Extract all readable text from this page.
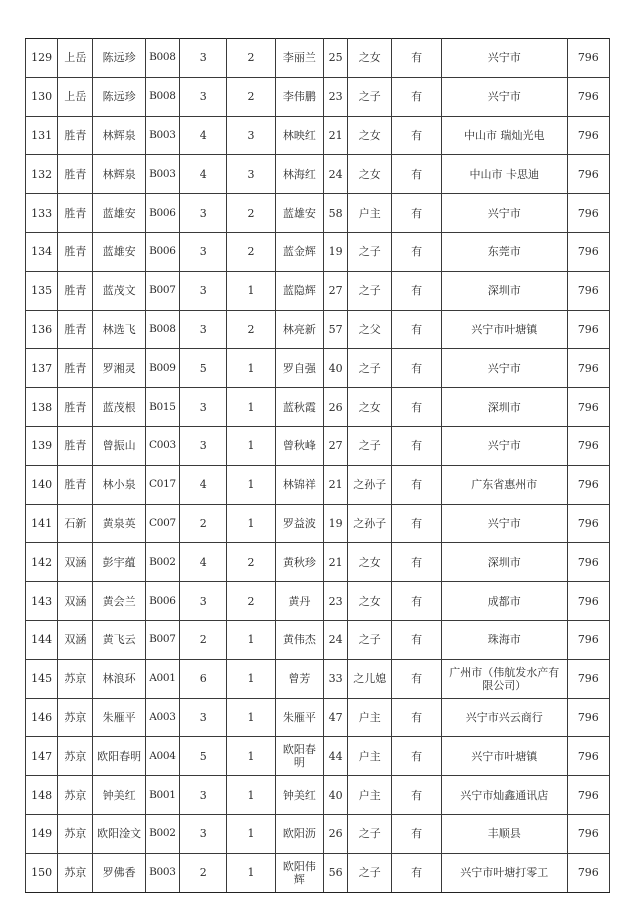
129	上岳	陈远珍	B008	3	2	李丽兰	25	之女	有	兴宁市	796
130	上岳	陈远珍	B008	3	2	李伟鹏	23	之子	有	兴宁市	796
131	胜青	林辉泉	B003	4	3	林映红	21	之女	有	中山市 瑞灿光电	796
132	胜青	林辉泉	B003	4	3	林海红	24	之女	有	中山市 卡思迪	796
133	胜青	蓝雄安	B006	3	2	蓝雄安	58	户主	有	兴宁市	796
134	胜青	蓝雄安	B006	3	2	蓝金辉	19	之子	有	东莞市	796
135	胜青	蓝茂文	B007	3	1	蓝隐辉	27	之子	有	深圳市	796
136	胜青	林选飞	B008	3	2	林亮新	57	之父	有	兴宁市叶塘镇	796
137	胜青	罗湘灵	B009	5	1	罗自强	40	之子	有	兴宁市	796
138	胜青	蓝茂根	B015	3	1	蓝秋霞	26	之女	有	深圳市	796
139	胜青	曾振山	C003	3	1	曾秋峰	27	之子	有	兴宁市	796
140	胜青	林小泉	C017	4	1	林锦祥	21	之孙子	有	广东省惠州市	796
141	石新	黄泉英	C007	2	1	罗益波	19	之孙子	有	兴宁市	796
142	双涵	彭宇蕴	B002	4	2	黄秋珍	21	之女	有	深圳市	796
143	双涵	黄会兰	B006	3	2	黄丹	23	之女	有	成都市	796
144	双涵	黄飞云	B007	2	1	黄伟杰	24	之子	有	珠海市	796
145	苏京	林浪环	A001	6	1	曾芳	33	之儿媳	有	广州市（伟航发水产有限公司）	796
146	苏京	朱雁平	A003	3	1	朱雁平	47	户主	有	兴宁市兴云商行	796
147	苏京	欧阳春明	A004	5	1	欧阳春明	44	户主	有	兴宁市叶塘镇	796
148	苏京	钟美红	B001	3	1	钟美红	40	户主	有	兴宁市灿鑫通讯店	796
149	苏京	欧阳淦文	B002	3	1	欧阳沥	26	之子	有	丰顺县	796
150	苏京	罗佛香	B003	2	1	欧阳伟辉	56	之子	有	兴宁市叶塘打零工	796
